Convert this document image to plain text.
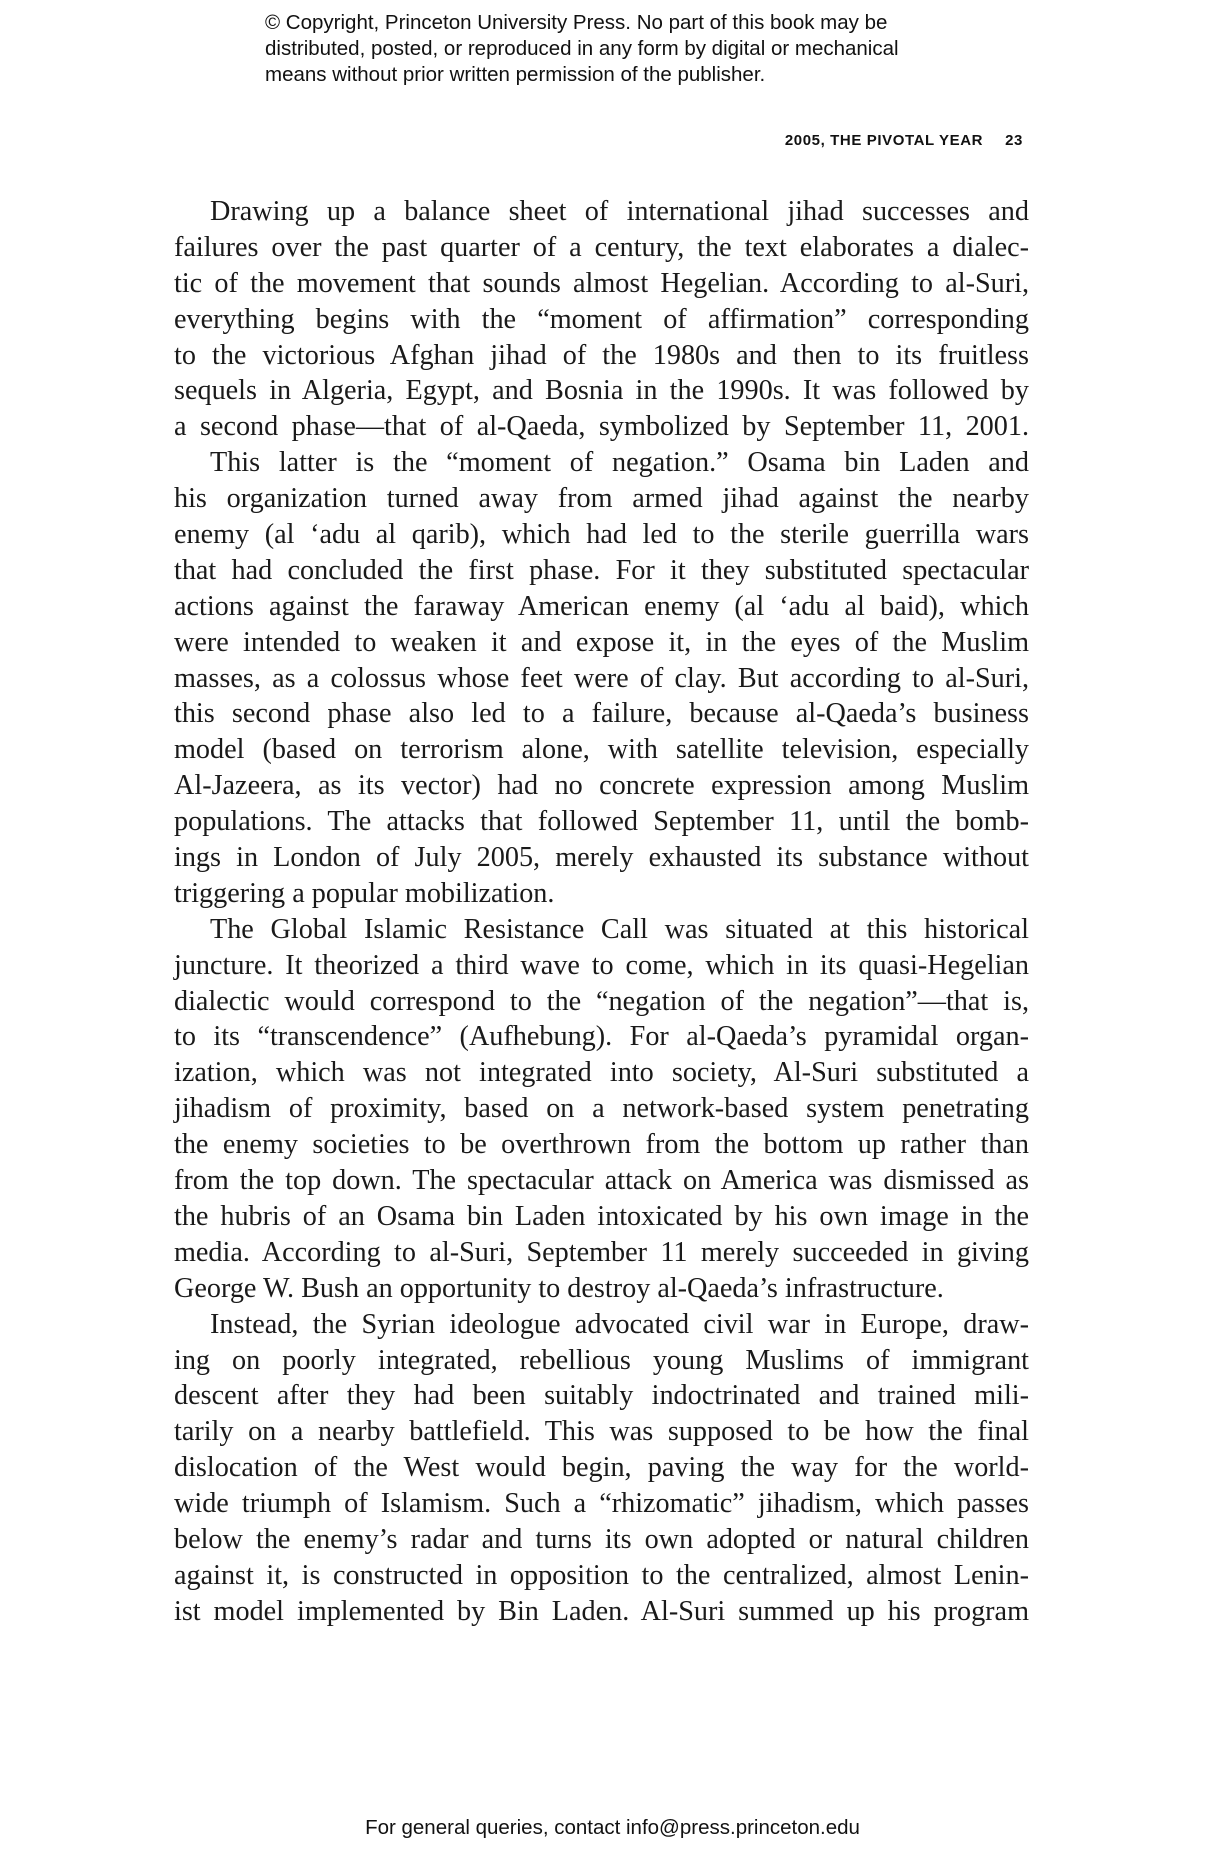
© Copyright, Princeton University Press. No part of this book may be
distributed, posted, or reproduced in any form by digital or mechanical
means without prior written permission of the publisher.
2005, THE PIVOTAL YEAR 23
Drawing up a balance sheet of international jihad successes and
failures over the past quarter of a century, the text elaborates a dialec-
tic of the movement that sounds almost Hegelian. According to al-Suri,
everything begins with the “moment of affirmation” corresponding
to the victorious Afghan jihad of the 1980s and then to its fruitless
sequels in Algeria, Egypt, and Bosnia in the 1990s. It was followed by
a second phase—that of al-Qaeda, symbolized by September 11, 2001.
This latter is the “moment of negation.” Osama bin Laden and
his organization turned away from armed jihad against the nearby
enemy (al ‘adu al qarib), which had led to the sterile guerrilla wars
that had concluded the first phase. For it they substituted spectacular
actions against the faraway American enemy (al ‘adu al baid), which
were intended to weaken it and expose it, in the eyes of the Muslim
masses, as a colossus whose feet were of clay. But according to al-Suri,
this second phase also led to a failure, because al-Qaeda’s business
model (based on terrorism alone, with satellite television, especially
Al-Jazeera, as its vector) had no concrete expression among Muslim
populations. The attacks that followed September 11, until the bomb-
ings in London of July 2005, merely exhausted its substance without
triggering a popular mobilization.
The Global Islamic Resistance Call was situated at this historical
juncture. It theorized a third wave to come, which in its quasi-Hegelian
dialectic would correspond to the “negation of the negation”—that is,
to its “transcendence” (Aufhebung). For al-Qaeda’s pyramidal organ-
ization, which was not integrated into society, Al-Suri substituted a
jihadism of proximity, based on a network-based system penetrating
the enemy societies to be overthrown from the bottom up rather than
from the top down. The spectacular attack on America was dismissed as
the hubris of an Osama bin Laden intoxicated by his own image in the
media. According to al-Suri, September 11 merely succeeded in giving
George W. Bush an opportunity to destroy al-Qaeda’s infrastructure.
Instead, the Syrian ideologue advocated civil war in Europe, draw-
ing on poorly integrated, rebellious young Muslims of immigrant
descent after they had been suitably indoctrinated and trained mili-
tarily on a nearby battlefield. This was supposed to be how the final
dislocation of the West would begin, paving the way for the world-
wide triumph of Islamism. Such a “rhizomatic” jihadism, which passes
below the enemy’s radar and turns its own adopted or natural children
against it, is constructed in opposition to the centralized, almost Lenin-
ist model implemented by Bin Laden. Al-Suri summed up his program
For general queries, contact info@press.princeton.edu
